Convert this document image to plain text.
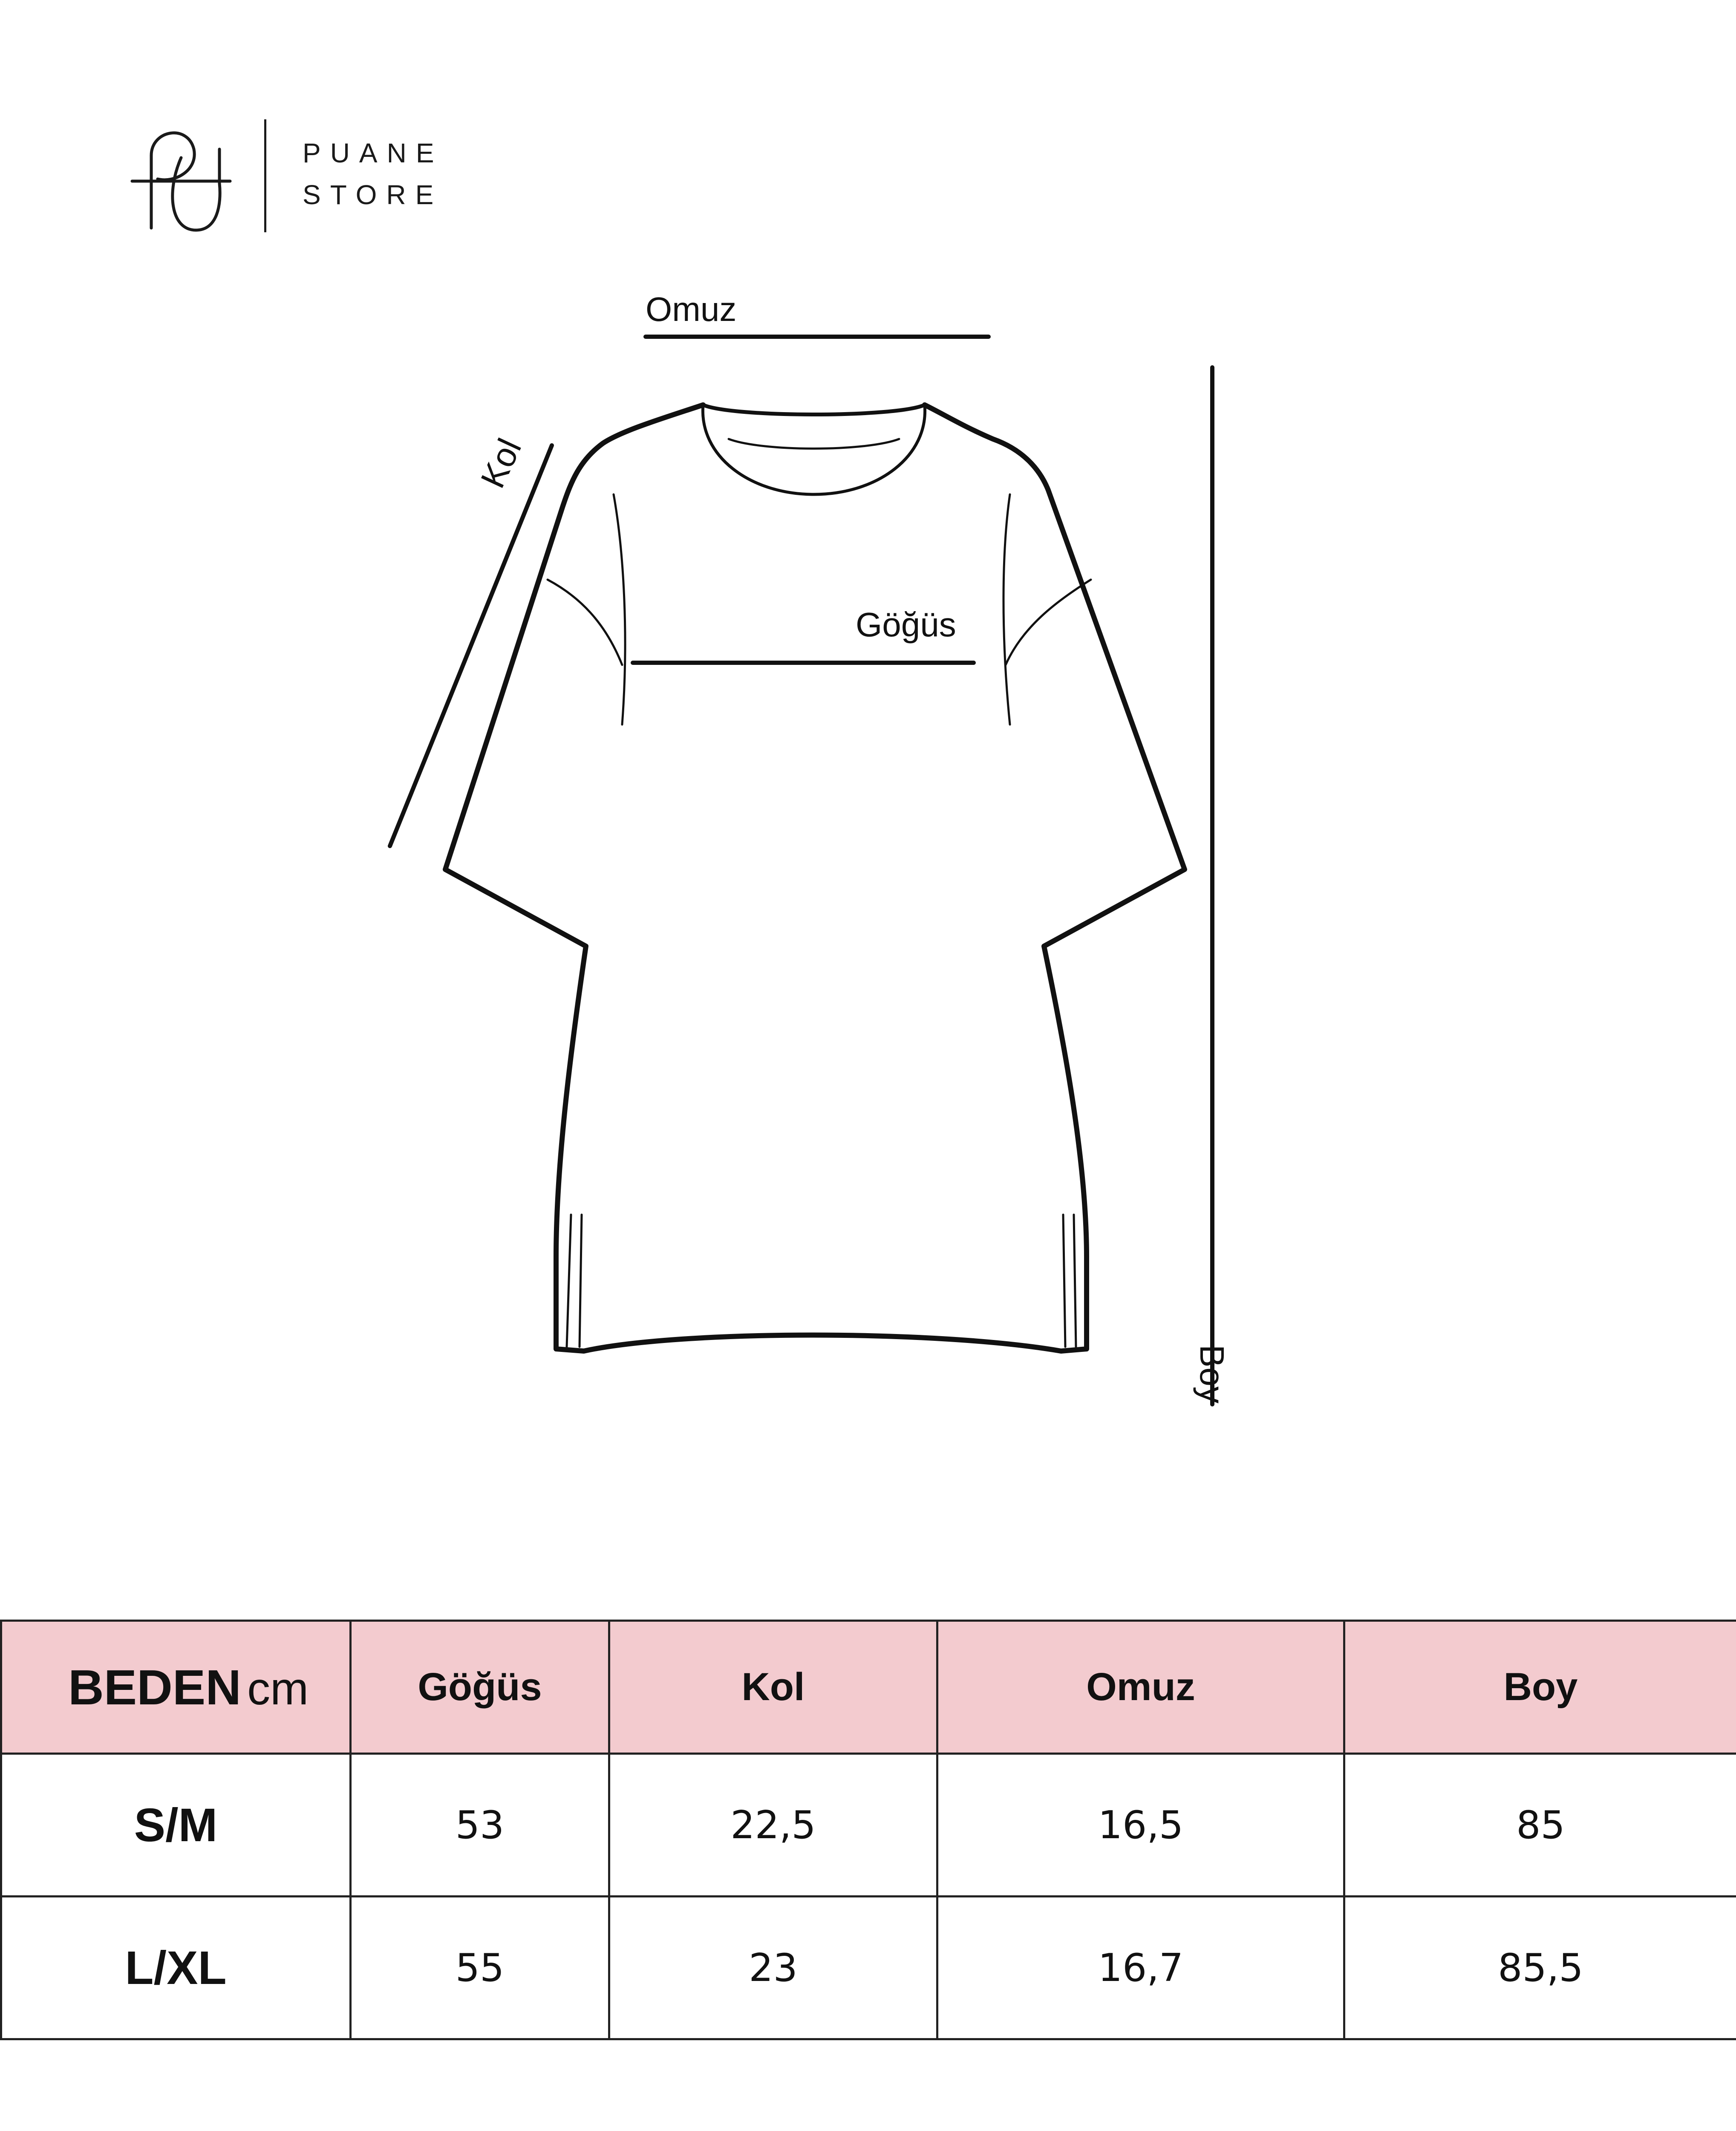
PUANE
STORE
Omuz
Kol
Göğüs
Boy
BEDEN cm	Göğüs	Kol	Omuz	Boy
S/M	53	22,5	16,5	85
L/XL	55	23	16,7	85,5
